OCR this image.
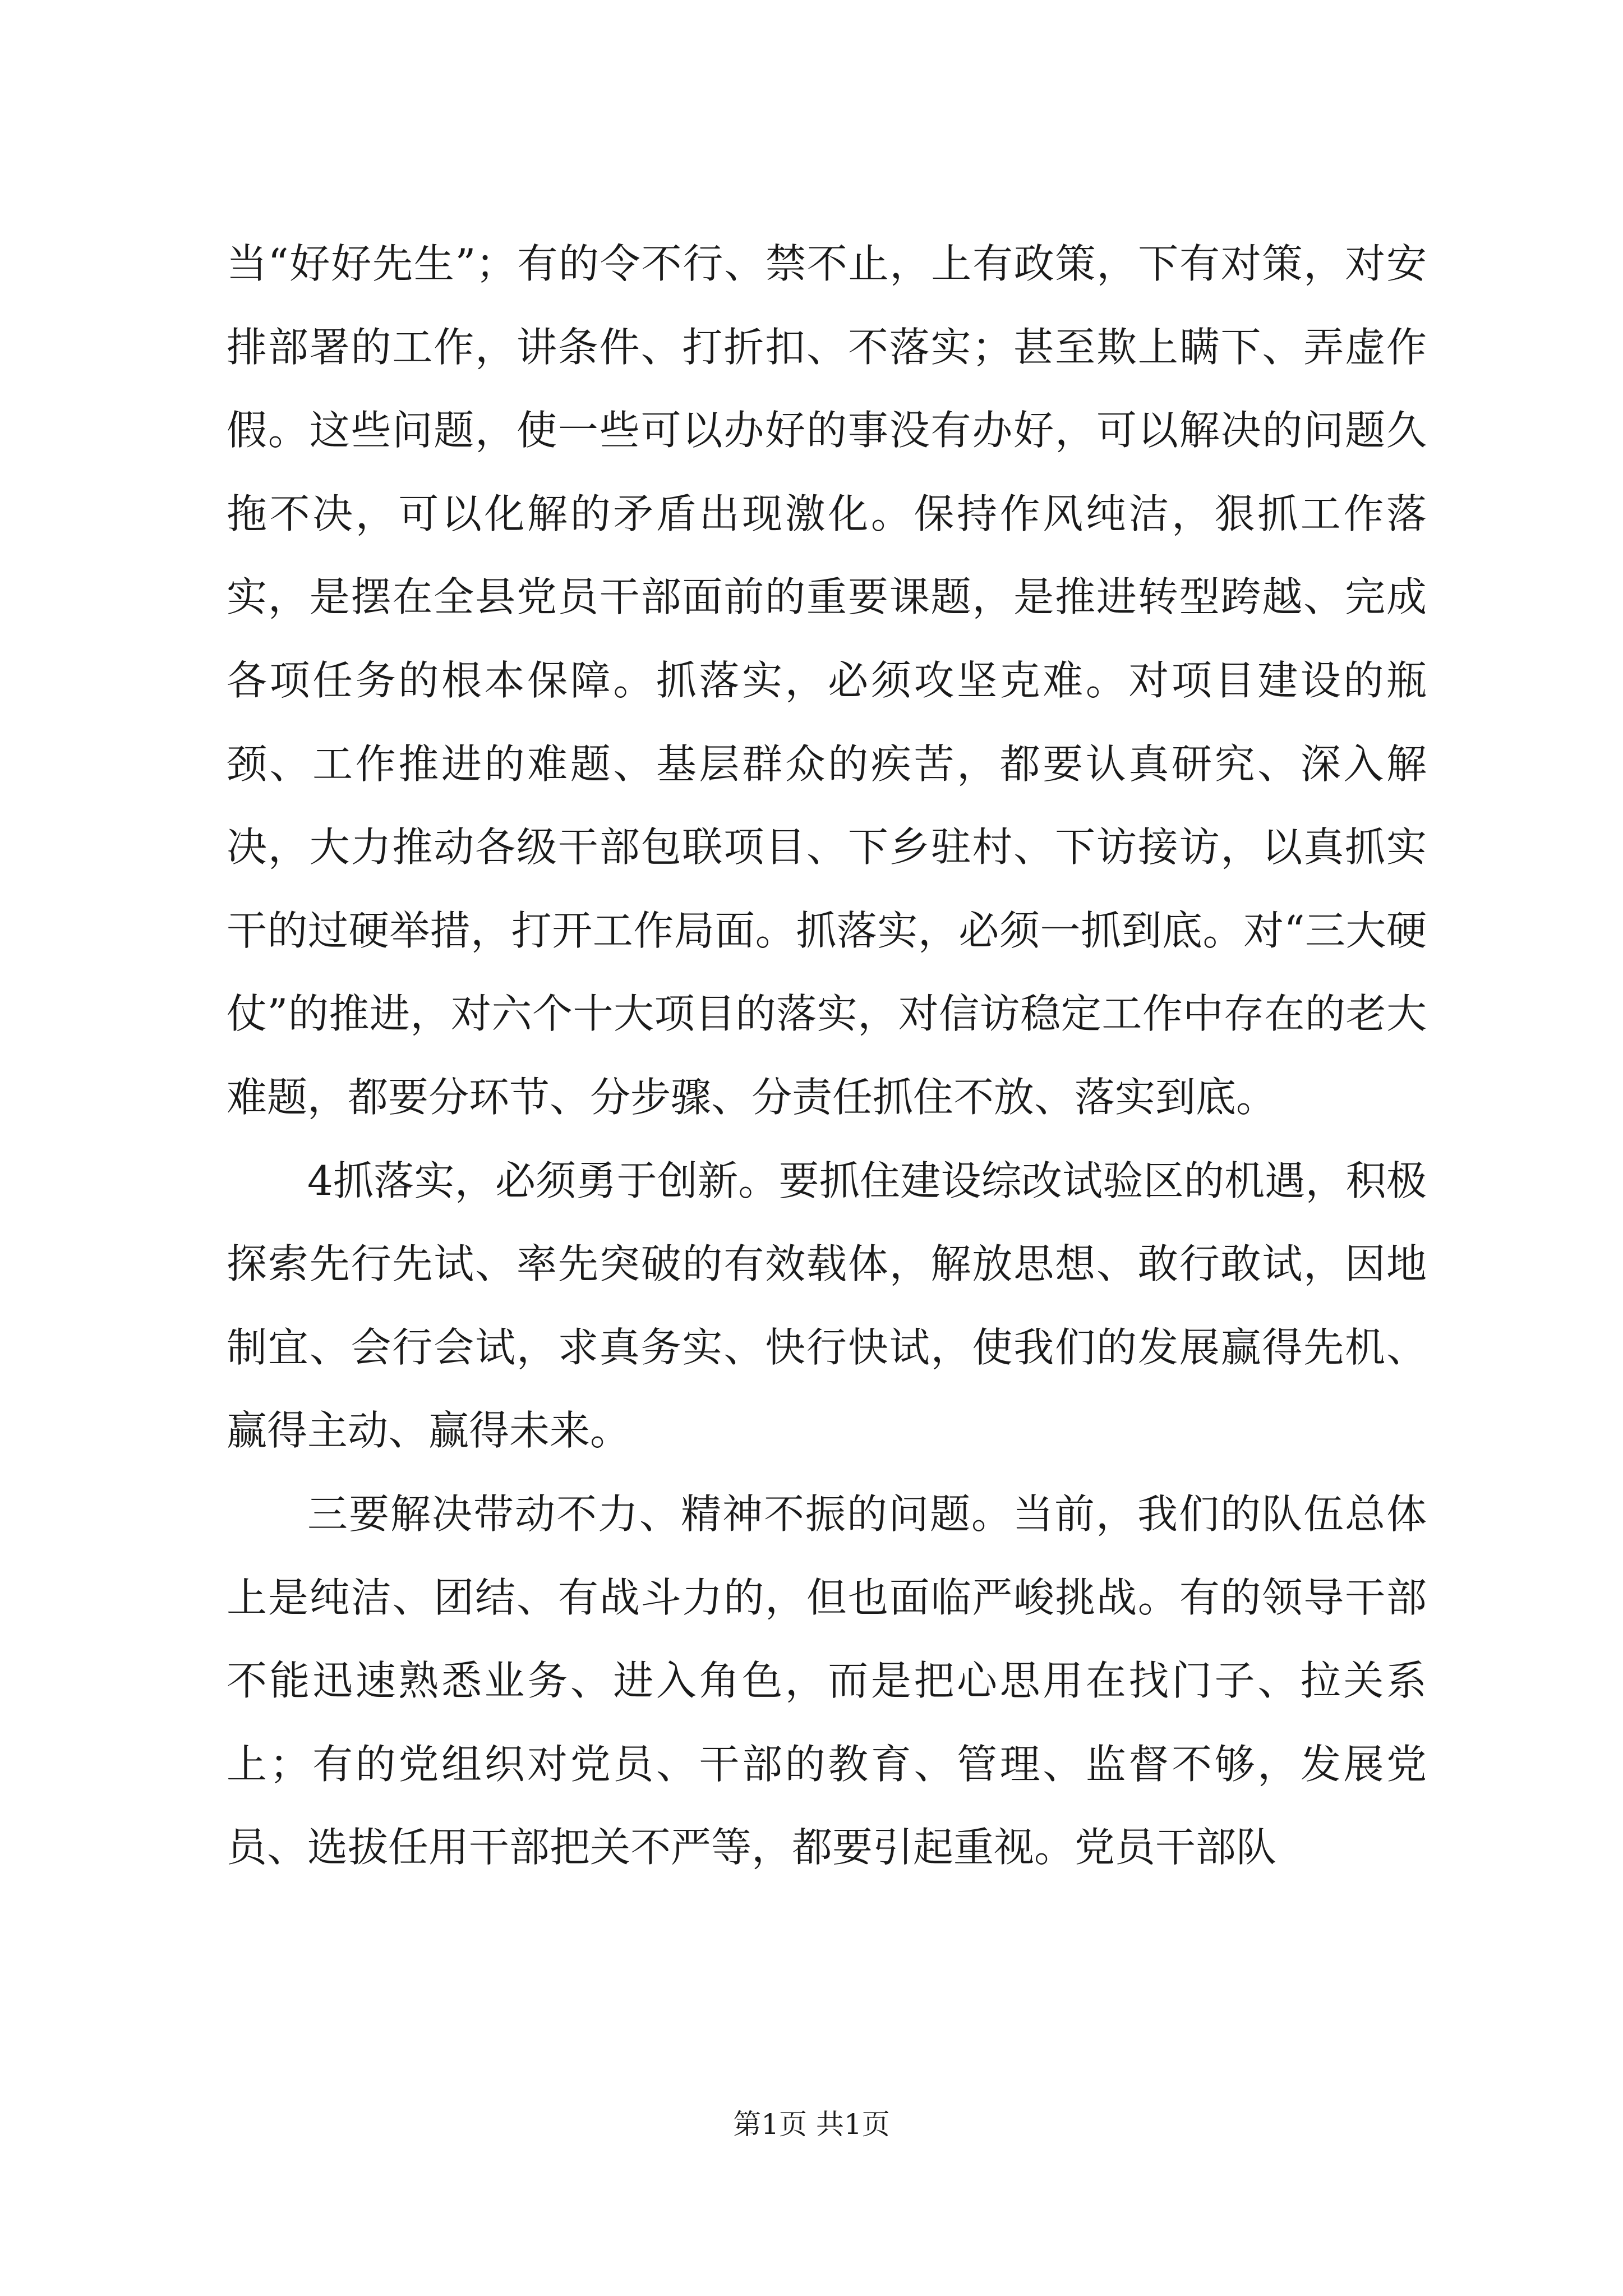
当“好好先生”；有的令不行、禁不止，上有政策，下有对策，对安排部署的工作，讲条件、打折扣、不落实；甚至欺上瞒下、弄虚作假。这些问题，使一些可以办好的事没有办好，可以解决的问题久拖不决，可以化解的矛盾出现激化。保持作风纯洁，狠抓工作落实，是摆在全县党员干部面前的重要课题，是推进转型跨越、完成各项任务的根本保障。抓落实，必须攻坚克难。对项目建设的瓶颈、工作推进的难题、基层群众的疾苦，都要认真研究、深入解决，大力推动各级干部包联项目、下乡驻村、下访接访，以真抓实干的过硬举措，打开工作局面。抓落实，必须一抓到底。对“三大硬仗”的推进，对六个十大项目的落实，对信访稳定工作中存在的老大难题，都要分环节、分步骤、分责任抓住不放、落实到底。

4抓落实，必须勇于创新。要抓住建设综改试验区的机遇，积极探索先行先试、率先突破的有效载体，解放思想、敢行敢试，因地制宜、会行会试，求真务实、快行快试，使我们的发展赢得先机、赢得主动、赢得未来。

三要解决带动不力、精神不振的问题。当前，我们的队伍总体上是纯洁、团结、有战斗力的，但也面临严峻挑战。有的领导干部不能迅速熟悉业务、进入角色，而是把心思用在找门子、拉关系上；有的党组织对党员、干部的教育、管理、监督不够，发展党员、选拔任用干部把关不严等，都要引起重视。党员干部队

第1页 共1页
